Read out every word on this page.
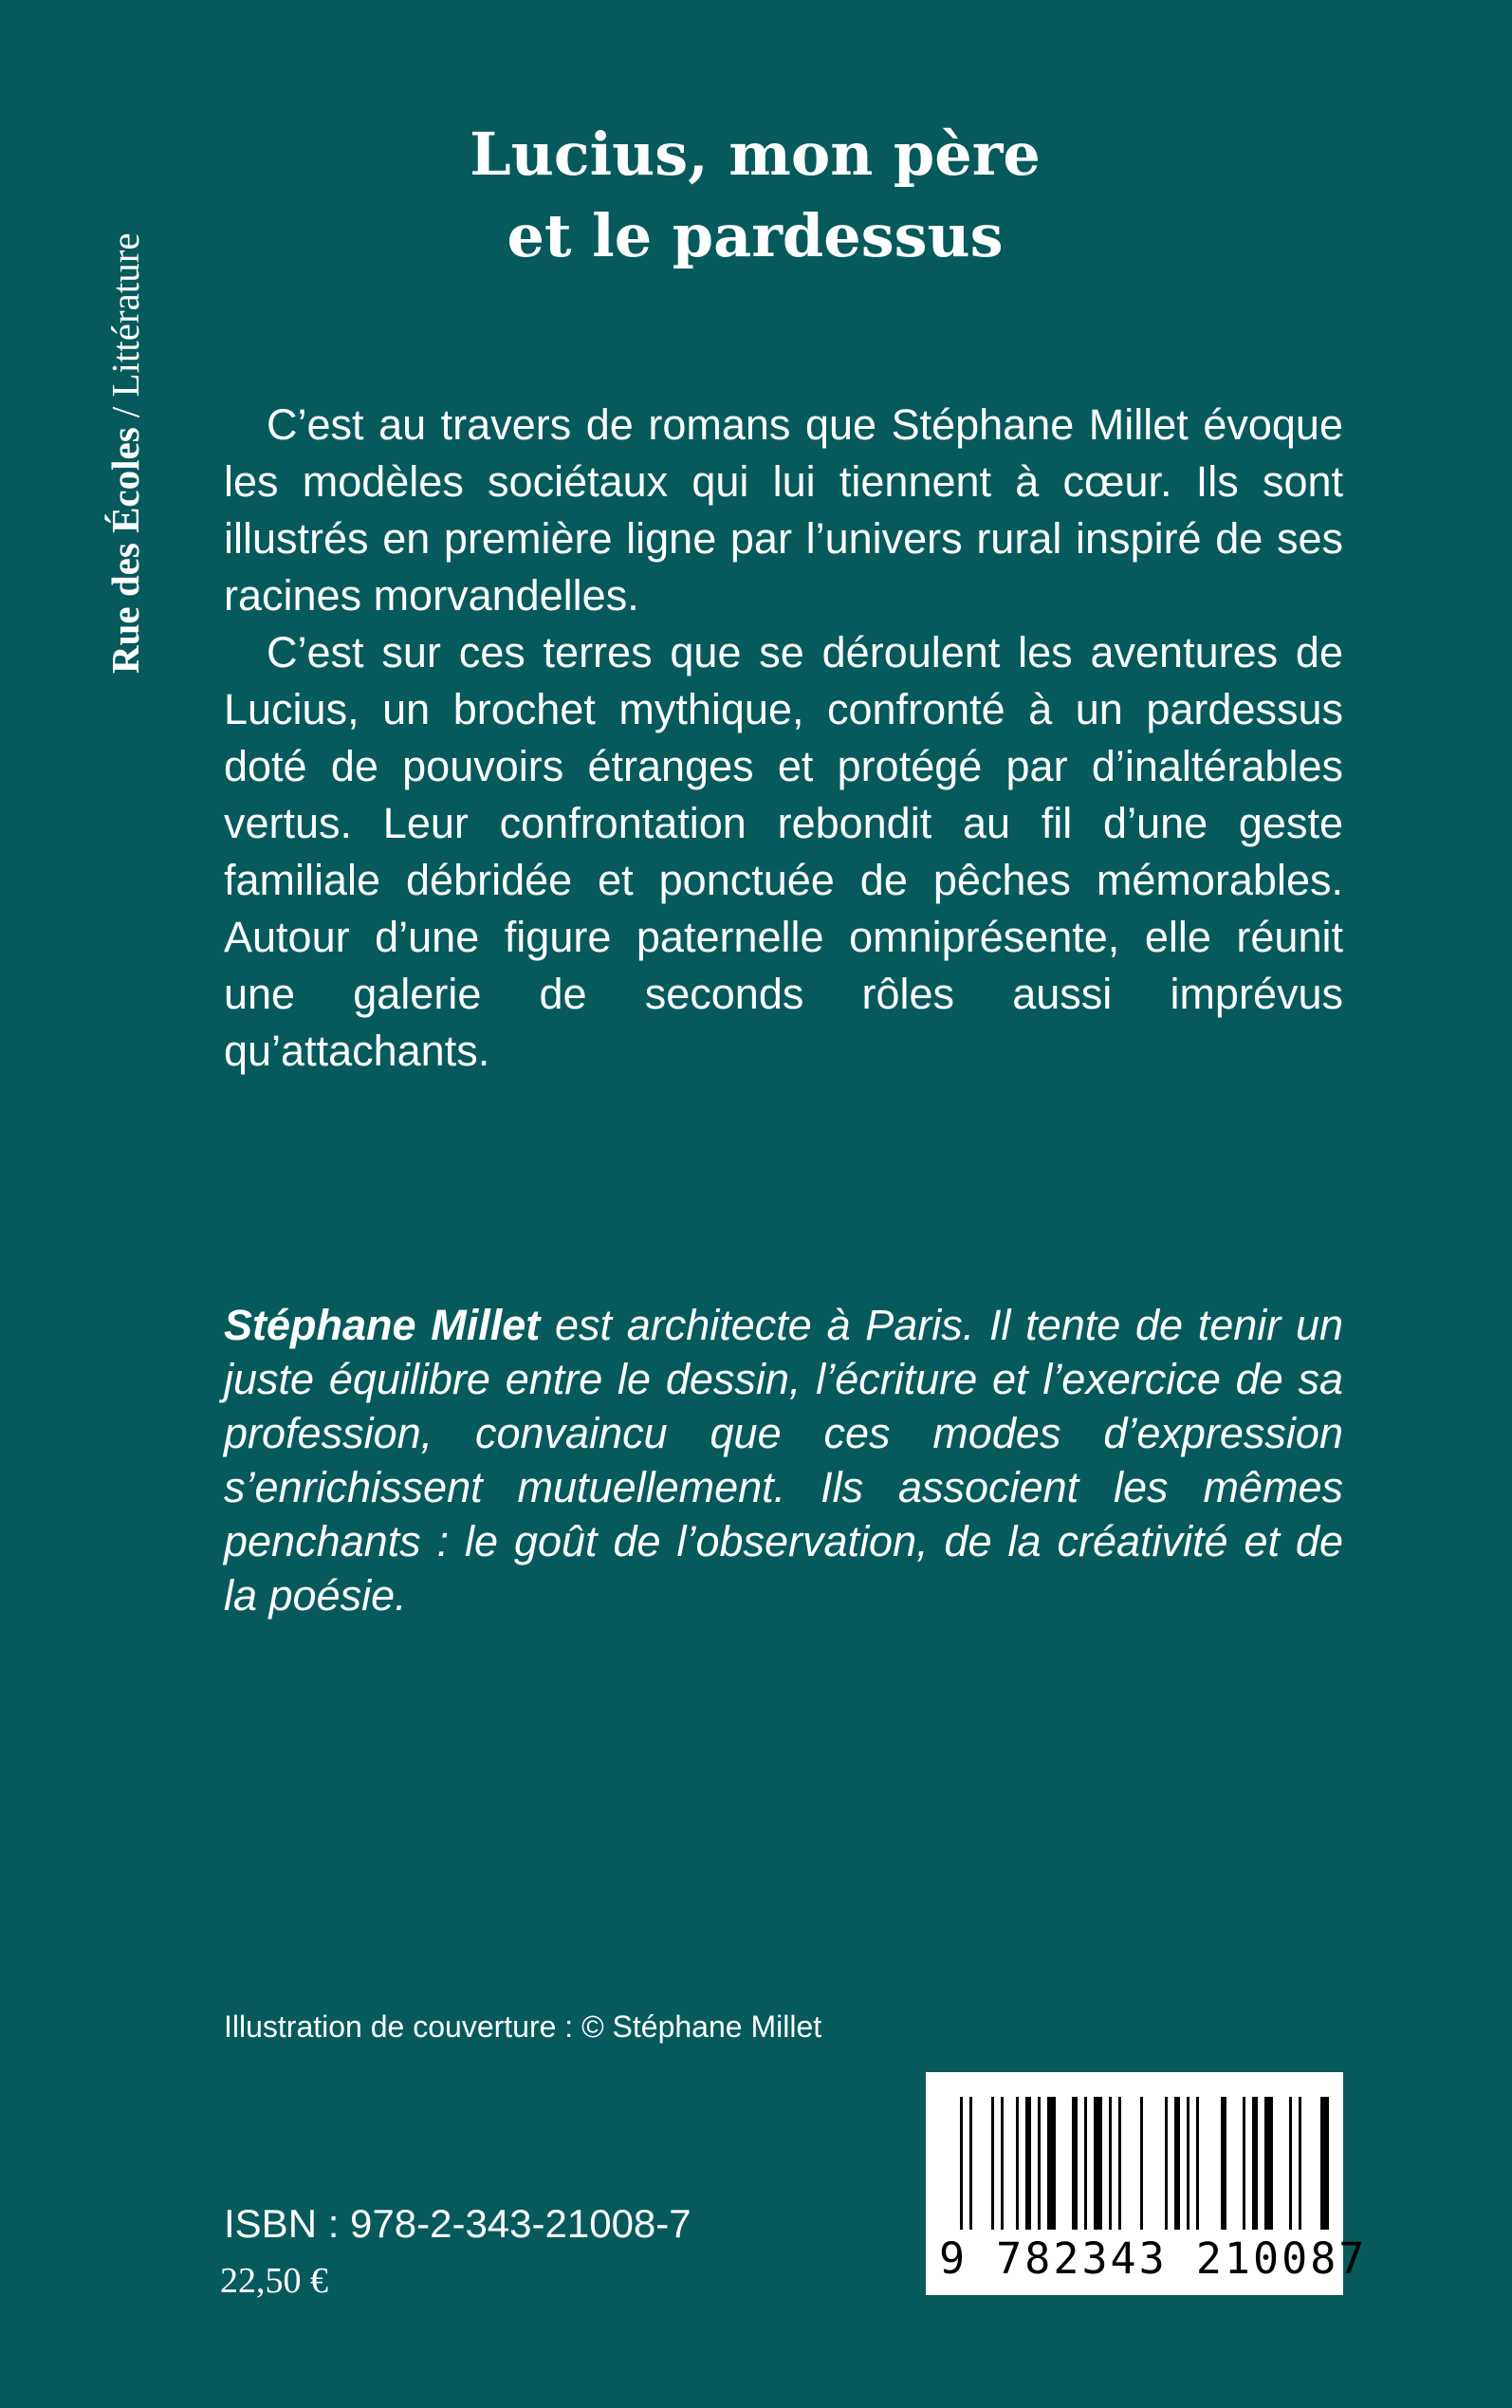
Rue des Écoles / Littérature
Lucius, mon père
et le pardessus

C’est au travers de romans que Stéphane Millet évoque les modèles sociétaux qui lui tiennent à cœur. Ils sont illustrés en première ligne par l’univers rural inspiré de ses racines morvandelles.

C’est sur ces terres que se déroulent les aventures de Lucius, un brochet mythique, confronté à un pardessus doté de pouvoirs étranges et protégé par d’inaltérables vertus. Leur confrontation rebondit au fil d’une geste familiale débridée et ponctuée de pêches mémorables. Autour d’une figure paternelle omniprésente, elle réunit une galerie de seconds rôles aussi imprévus qu’attachants.

Stéphane Millet est architecte à Paris. Il tente de tenir un juste équilibre entre le dessin, l’écriture et l’exercice de sa profession, convaincu que ces modes d’expression s’enrichissent mutuellement. Ils associent les mêmes penchants : le goût de l’observation, de la créativité et de la poésie.
Illustration de couverture : © Stéphane Millet
ISBN : 978-2-343-21008-7
22,50 €	9 782343 210087
